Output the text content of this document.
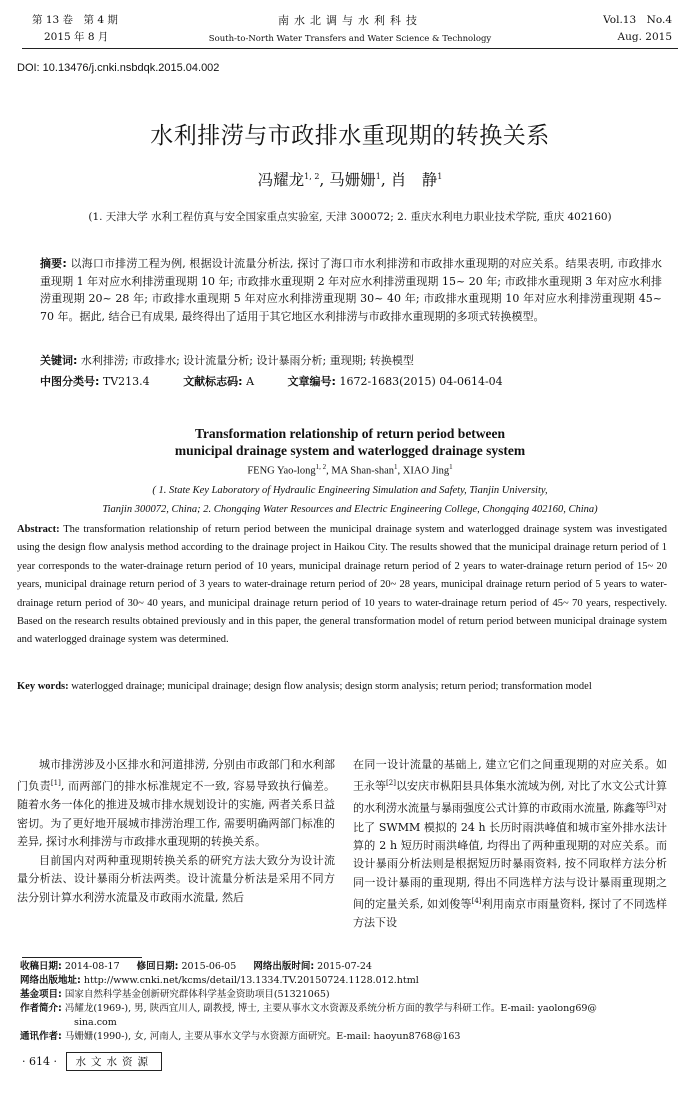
第 13 卷　第 4 期
2015 年 8 月
南水北调与水利科技
South-to-North Water Transfers and Water Science & Technology
Vol.13　No.4
Aug. 2015
DOI: 10.13476/j.cnki.nsbdqk.2015.04.002
水利排涝与市政排水重现期的转换关系
冯耀龙$^{1, 2}$, 马姗姗$^1$, 肖　静$^1$
(1. 天津大学 水利工程仿真与安全国家重点实验室, 天津 300072; 2. 重庆水利电力职业技术学院, 重庆 402160)
摘要: 以海口市排涝工程为例, 根据设计流量分析法, 探讨了海口市水利排涝和市政排水重现期的对应关系。结果表明, 市政排水重现期 1 年对应水利排涝重现期 10 年; 市政排水重现期 2 年对应水利排涝重现期 15~ 20 年; 市政排水重现期 3 年对应水利排涝重现期 20~ 28 年; 市政排水重现期 5 年对应水利排涝重现期 30~ 40 年; 市政排水重现期 10 年对应水利排涝重现期 45~ 70 年。据此, 结合已有成果, 最终得出了适用于其它地区水利排涝与市政排水重现期的多项式转换模型。
关键词: 水利排涝; 市政排水; 设计流量分析; 设计暴雨分析; 重现期; 转换模型
中图分类号: TV213.4	文献标志码: A	文章编号: 1672-1683(2015) 04-0614-04
Transformation relationship of return period between
municipal drainage system and waterlogged drainage system
FENG Yao-long$^{1, 2}$, MA Shan-shan$^1$, XIAO Jing$^1$
( 1. State Key Laboratory of Hydraulic Engineering Simulation and Safety, Tianjin University,
Tianjin 300072, China; 2. Chongqing Water Resources and Electric Engineering College, Chongqing 402160, China)
Abstract: The transformation relationship of return period between the municipal drainage system and waterlogged drainage system was investigated using the design flow analysis method according to the drainage project in Haikou City. The results showed that the municipal drainage return period of 1 year corresponds to the water-drainage return period of 10 years, municipal drainage return period of 2 years to water-drainage return period of 15~ 20 years, municipal drainage return period of 3 years to water-drainage return period of 20~ 28 years, municipal drainage return period of 5 years to water-drainage return period of 30~ 40 years, and municipal drainage return period of 10 years to water-drainage return period of 45~ 70 years, respectively. Based on the research results obtained previously and in this paper, the general transformation model of return period between municipal drainage system and waterlogged drainage system was determined.
Key words: waterlogged drainage; municipal drainage; design flow analysis; design storm analysis; return period; transformation model

城市排涝涉及小区排水和河道排涝, 分别由市政部门和水利部门负责[1], 而两部门的排水标准规定不一致, 容易导致执行偏差。随着水务一体化的推进及城市排水规划设计的实施, 两者关系日益密切。为了更好地开展城市排涝治理工作, 需要明确两部门标准的差异, 探讨水利排涝与市政排水重现期的转换关系。

目前国内对两种重现期转换关系的研究方法大致分为设计流量分析法、设计暴雨分析法两类。设计流量分析法是采用不同方法分别计算水利涝水流量及市政雨水流量, 然后

在同一设计流量的基础上, 建立它们之间重现期的对应关系。如王永等[2]以安庆市枞阳县具体集水流域为例, 对比了水文公式计算的水利涝水流量与暴雨强度公式计算的市政雨水流量, 陈鑫等[3]对比了 SWMM 模拟的 24 h 长历时雨洪峰值和城市室外排水法计算的 2 h 短历时雨洪峰值, 均得出了两种重现期的对应关系。而设计暴雨分析法则是根据短历时暴雨资料, 按不同取样方法分析同一设计暴雨的重现期, 得出不同选样方法与设计暴雨重现期之间的定量关系, 如刘俊等[4]利用南京市雨量资料, 探讨了不同选样方法下设

收稿日期: 2014-08-17 修回日期: 2015-06-05 网络出版时间: 2015-07-24
网络出版地址: http://www.cnki.net/kcms/detail/13.1334.TV.20150724.1128.012.html
基金项目: 国家自然科学基金创新研究群体科学基金资助项目(51321065)
作者简介: 冯耀龙(1969-), 男, 陕西宜川人, 副教授, 博士, 主要从事水文水资源及系统分析方面的教学与科研工作。E-mail: yaolong69@
sina.com
通讯作者: 马姗姗(1990-), 女, 河南人, 主要从事水文学与水资源方面研究。E-mail: haoyun8768@163
· 614 · 水文水资源
